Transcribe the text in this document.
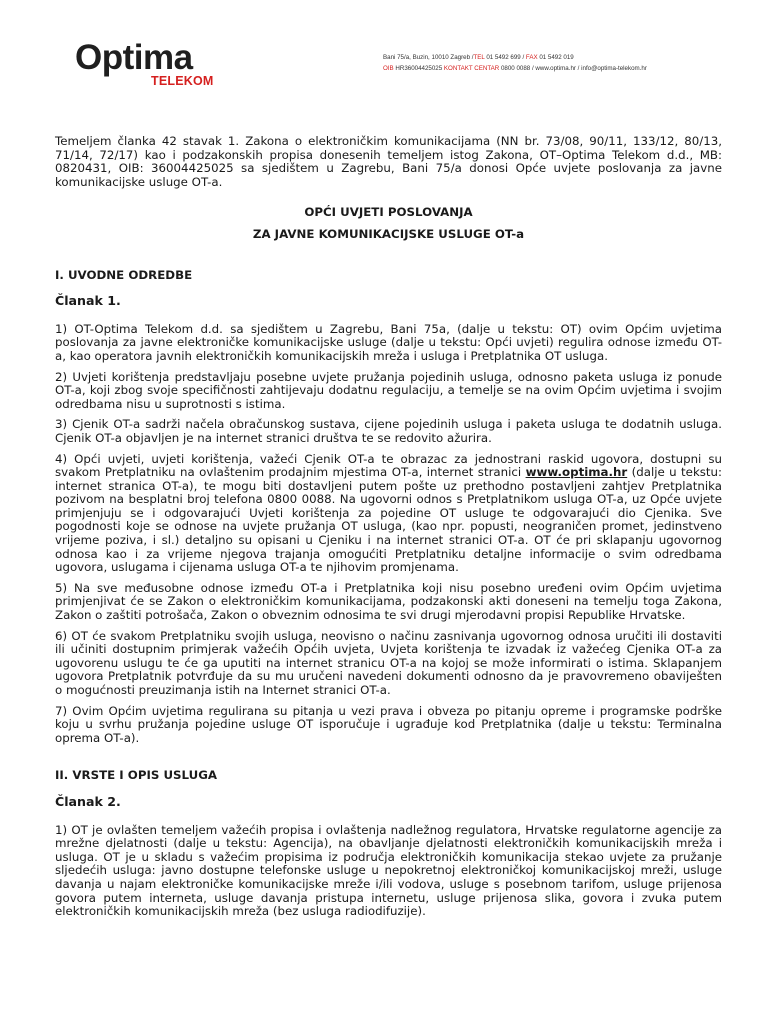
Optima
TELEKOM
Bani 75/a, Buzin, 10010 Zagreb /TEL 01 5492 699 / FAX 01 5492 019
OIB HR36004425025 KONTAKT CENTAR 0800 0088 / www.optima.hr / info@optima-telekom.hr

Temeljem članka 42 stavak 1. Zakona o elektroničkim komunikacijama (NN br. 73/08, 90/11, 133/12, 80/13, 71/14, 72/17) kao i podzakonskih propisa donesenih temeljem istog Zakona, OT–Optima Telekom d.d., MB: 0820431, OIB: 36004425025 sa sjedištem u Zagrebu, Bani 75/a donosi Opće uvjete poslovanja za javne komunikacijske usluge OT-a.

OPĆI UVJETI POSLOVANJA
ZA JAVNE KOMUNIKACIJSKE USLUGE OT-a
I. UVODNE ODREDBE
Članak 1.

1) OT-Optima Telekom d.d. sa sjedištem u Zagrebu, Bani 75a, (dalje u tekstu: OT) ovim Općim uvjetima poslovanja za javne elektroničke komunikacijske usluge (dalje u tekstu: Opći uvjeti) regulira odnose između OT-a, kao operatora javnih elektroničkih komunikacijskih mreža i usluga i Pretplatnika OT usluga.

2) Uvjeti korištenja predstavljaju posebne uvjete pružanja pojedinih usluga, odnosno paketa usluga iz ponude OT-a, koji zbog svoje specifičnosti zahtijevaju dodatnu regulaciju, a temelje se na ovim Općim uvjetima i svojim odredbama nisu u suprotnosti s istima.

3) Cjenik OT-a sadrži načela obračunskog sustava, cijene pojedinih usluga i paketa usluga te dodatnih usluga. Cjenik OT-a objavljen je na internet stranici društva te se redovito ažurira.

4) Opći uvjeti, uvjeti korištenja, važeći Cjenik OT-a te obrazac za jednostrani raskid ugovora, dostupni su svakom Pretplatniku na ovlaštenim prodajnim mjestima OT-a, internet stranici www.optima.hr (dalje u tekstu: internet stranica OT-a), te mogu biti dostavljeni putem pošte uz prethodno postavljeni zahtjev Pretplatnika pozivom na besplatni broj telefona 0800 0088. Na ugovorni odnos s Pretplatnikom usluga OT-a, uz Opće uvjete primjenjuju se i odgovarajući Uvjeti korištenja za pojedine OT usluge te odgovarajući dio Cjenika. Sve pogodnosti koje se odnose na uvjete pružanja OT usluga, (kao npr. popusti, neograničen promet, jedinstveno vrijeme poziva, i sl.) detaljno su opisani u Cjeniku i na internet stranici OT-a. OT će pri sklapanju ugovornog odnosa kao i za vrijeme njegova trajanja omogućiti Pretplatniku detaljne informacije o svim odredbama ugovora, uslugama i cijenama usluga OT-a te njihovim promjenama.

5) Na sve međusobne odnose između OT-a i Pretplatnika koji nisu posebno uređeni ovim Općim uvjetima primjenjivat će se Zakon o elektroničkim komunikacijama, podzakonski akti doneseni na temelju toga Zakona, Zakon o zaštiti potrošača, Zakon o obveznim odnosima te svi drugi mjerodavni propisi Republike Hrvatske.

6) OT će svakom Pretplatniku svojih usluga, neovisno o načinu zasnivanja ugovornog odnosa uručiti ili dostaviti ili učiniti dostupnim primjerak važećih Općih uvjeta, Uvjeta korištenja te izvadak iz važećeg Cjenika OT-a za ugovorenu uslugu te će ga uputiti na internet stranicu OT-a na kojoj se može informirati o istima. Sklapanjem ugovora Pretplatnik potvrđuje da su mu uručeni navedeni dokumenti odnosno da je pravovremeno obaviješten o mogućnosti preuzimanja istih na Internet stranici OT-a.

7) Ovim Općim uvjetima regulirana su pitanja u vezi prava i obveza po pitanju opreme i programske podrške koju u svrhu pružanja pojedine usluge OT isporučuje i ugrađuje kod Pretplatnika (dalje u tekstu: Terminalna oprema OT-a).

II. VRSTE I OPIS USLUGA
Članak 2.

1) OT je ovlašten temeljem važećih propisa i ovlaštenja nadležnog regulatora, Hrvatske regulatorne agencije za mrežne djelatnosti (dalje u tekstu: Agencija), na obavljanje djelatnosti elektroničkih komunikacijskih mreža i usluga. OT je u skladu s važećim propisima iz područja elektroničkih komunikacija stekao uvjete za pružanje sljedećih usluga: javno dostupne telefonske usluge u nepokretnoj elektroničkoj komunikacijskoj mreži, usluge davanja u najam elektroničke komunikacijske mreže i/ili vodova, usluge s posebnom tarifom, usluge prijenosa govora putem interneta, usluge davanja pristupa internetu, usluge prijenosa slika, govora i zvuka putem elektroničkih komunikacijskih mreža (bez usluga radiodifuzije).
